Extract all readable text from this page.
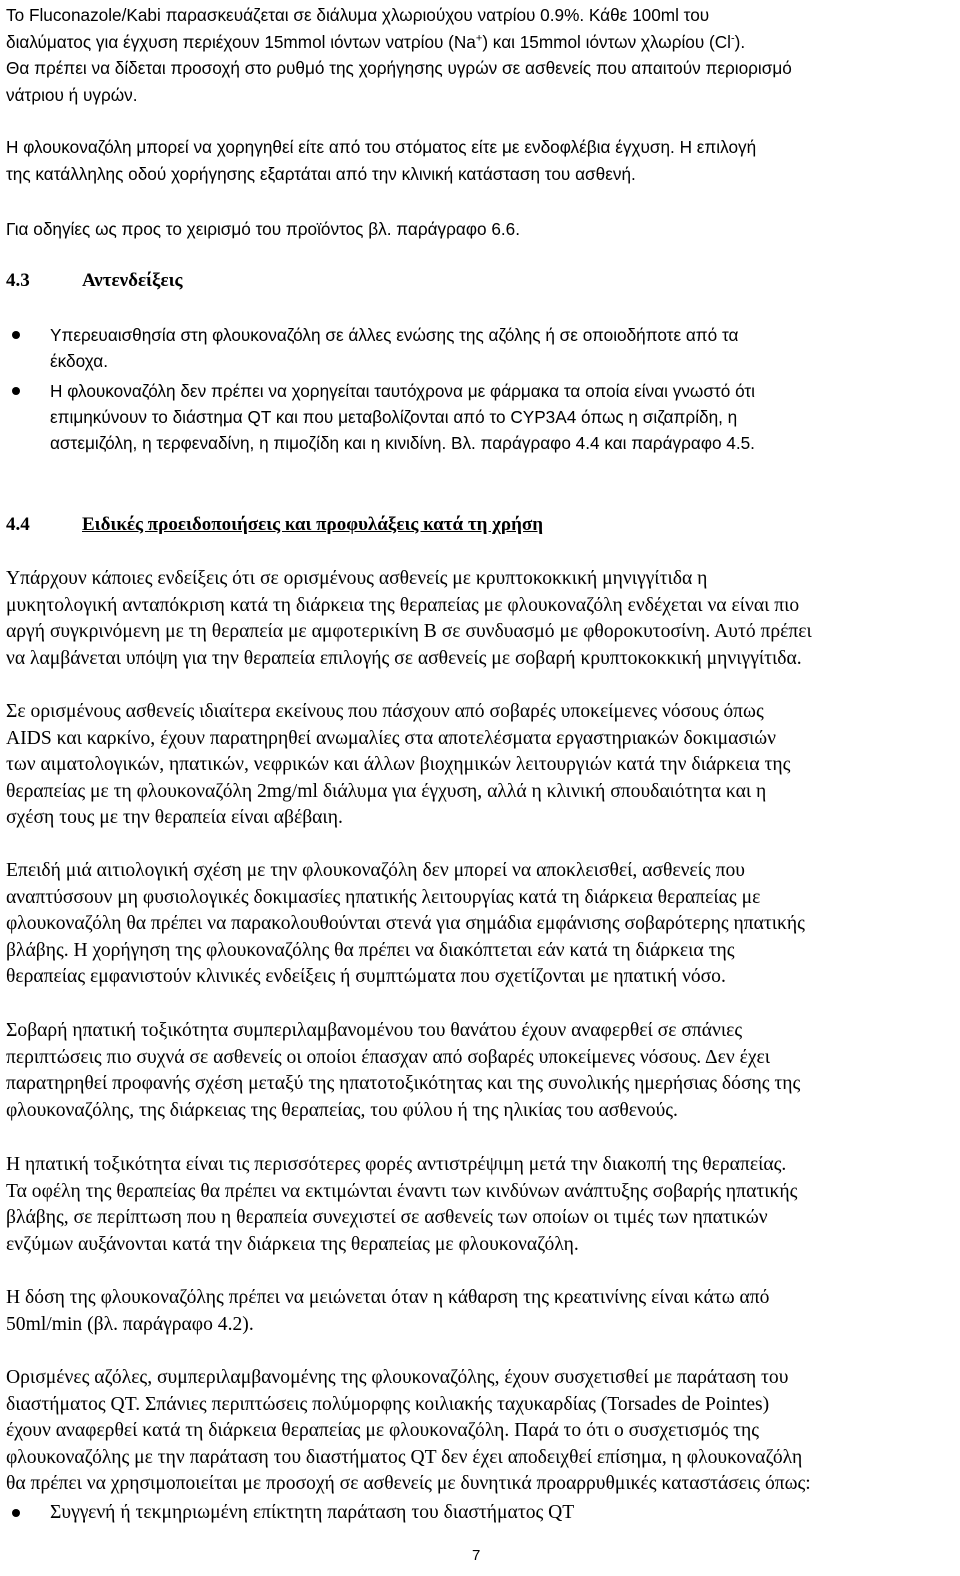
Το Fluconazole/Kabi παρασκευάζεται σε διάλυμα χλωριούχου νατρίου 0.9%. Κάθε 100ml του
διαλύματος για έγχυση περιέχουν 15mmol ιόντων νατρίου (Na+) και 15mmol ιόντων χλωρίου (Cl-).
Θα πρέπει να δίδεται προσοχή στο ρυθμό της χορήγησης υγρών σε ασθενείς που απαιτούν περιορισμό
νάτριου ή υγρών.
Η φλουκοναζόλη μπορεί να χορηγηθεί είτε από του στόματος είτε με ενδοφλέβια έγχυση. Η επιλογή
της κατάλληλης οδού χορήγησης εξαρτάται από την κλινική κατάσταση του ασθενή.
Για οδηγίες ως προς το χειρισμό του προϊόντος βλ. παράγραφο 6.6.
4.3	Αντενδείξεις
Υπερευαισθησία στη φλουκοναζόλη σε άλλες ενώσης της αζόλης ή σε οποιοδήποτε από τα
έκδοχα.
Η φλουκοναζόλη δεν πρέπει να χορηγείται ταυτόχρονα με φάρμακα τα οποία είναι γνωστό ότι
επιμηκύνουν το διάστημα QT και που μεταβολίζονται από το CYP3A4 όπως η σιζαπρίδη, η
αστεμιζόλη, η τερφεναδίνη, η πιμοζίδη και η κινιδίνη. Βλ. παράγραφο 4.4 και παράγραφο 4.5.
4.4	Ειδικές προειδοποιήσεις και προφυλάξεις κατά τη χρήση
Υπάρχουν κάποιες ενδείξεις ότι σε ορισμένους ασθενείς με κρυπτοκοκκική μηνιγγίτιδα η
μυκητολογική ανταπόκριση κατά τη διάρκεια της θεραπείας με φλουκοναζόλη ενδέχεται να είναι πιο
αργή συγκρινόμενη με τη θεραπεία με αμφοτερικίνη B σε συνδυασμό με φθοροκυτοσίνη. Αυτό πρέπει
να λαμβάνεται υπόψη για την θεραπεία επιλογής σε ασθενείς με σοβαρή κρυπτοκοκκική μηνιγγίτιδα.
Σε ορισμένους ασθενείς ιδιαίτερα εκείνους που πάσχουν από σοβαρές υποκείμενες νόσους όπως
AIDS και καρκίνο, έχουν παρατηρηθεί ανωμαλίες στα αποτελέσματα εργαστηριακών δοκιμασιών
των αιματολογικών, ηπατικών, νεφρικών και άλλων βιοχημικών λειτουργιών κατά την διάρκεια της
θεραπείας με τη φλουκοναζόλη 2mg/ml διάλυμα για έγχυση, αλλά η κλινική σπουδαιότητα και η
σχέση τους με την θεραπεία είναι αβέβαιη.
Επειδή μιά αιτιολογική σχέση με την φλουκοναζόλη δεν μπορεί να αποκλεισθεί, ασθενείς που
αναπτύσσουν μη φυσιολογικές δοκιμασίες ηπατικής λειτουργίας κατά τη διάρκεια θεραπείας με
φλουκοναζόλη θα πρέπει να παρακολουθούνται στενά για σημάδια εμφάνισης σοβαρότερης ηπατικής
βλάβης. Η χορήγηση της φλουκοναζόλης θα πρέπει να διακόπτεται εάν κατά τη διάρκεια της
θεραπείας εμφανιστούν κλινικές ενδείξεις ή συμπτώματα που σχετίζονται με ηπατική νόσο.
Σοβαρή ηπατική τοξικότητα συμπεριλαμβανομένου του θανάτου έχουν αναφερθεί σε σπάνιες
περιπτώσεις πιο συχνά σε ασθενείς οι οποίοι έπασχαν από σοβαρές υποκείμενες νόσους. Δεν έχει
παρατηρηθεί προφανής σχέση μεταξύ της ηπατοτοξικότητας και της συνολικής ημερήσιας δόσης της
φλουκοναζόλης, της διάρκειας της θεραπείας, του φύλου ή της ηλικίας του ασθενούς.
Η ηπατική τοξικότητα είναι τις περισσότερες φορές αντιστρέψιμη μετά την διακοπή της θεραπείας.
Τα οφέλη της θεραπείας θα πρέπει να εκτιμώνται έναντι των κινδύνων ανάπτυξης σοβαρής ηπατικής
βλάβης, σε περίπτωση που η θεραπεία συνεχιστεί σε ασθενείς των οποίων οι τιμές των ηπατικών
ενζύμων αυξάνονται κατά την διάρκεια της θεραπείας με φλουκοναζόλη.
Η δόση της φλουκοναζόλης πρέπει να μειώνεται όταν η κάθαρση της κρεατινίνης είναι κάτω από
50ml/min (βλ. παράγραφο 4.2).
Ορισμένες αζόλες, συμπεριλαμβανομένης της φλουκοναζόλης, έχουν συσχετισθεί με παράταση του
διαστήματος QT. Σπάνιες περιπτώσεις πολύμορφης κοιλιακής ταχυκαρδίας (Torsades de Pointes)
έχουν αναφερθεί κατά τη διάρκεια θεραπείας με φλουκοναζόλη. Παρά το ότι ο συσχετισμός της
φλουκοναζόλης με την παράταση του διαστήματος QT δεν έχει αποδειχθεί επίσημα, η φλουκοναζόλη
θα πρέπει να χρησιμοποιείται με προσοχή σε ασθενείς με δυνητικά προαρρυθμικές καταστάσεις όπως:
Συγγενή ή τεκμηριωμένη επίκτητη παράταση του διαστήματος QT
7
